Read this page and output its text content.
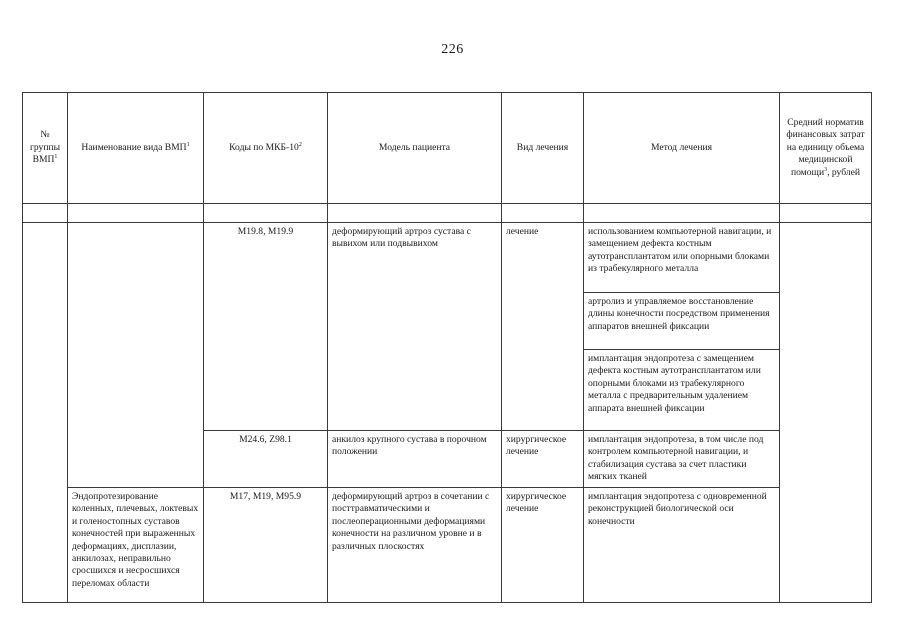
226
№ группы ВМП$^1$	Наименование вида ВМП$^1$	Коды по МКБ-$10^2$	Модель пациента	Вид лечения	Метод лечения	Средний норматив финансовых затрат на единицу объема медицинской помощи$^3$, рублей

		M19.8, M19.9	деформирующий артроз сустава с вывихом или подвывихом	лечение	использованием компьютерной навигации, и замещением дефекта костным аутотрансплантатом или опорными блоками из трабекулярного металла	
					артролиз и управляемое восстановление длины конечности посредством применения аппаратов внешней фиксации	
					имплантация эндопротеза с замещением дефекта костным аутотрансплантатом или опорными блоками из трабекулярного металла с предварительным удалением аппарата внешней фиксации	
		M24.6, Z98.1	анкилоз крупного сустава в порочном положении	хирургическое лечение	имплантация эндопротеза, в том числе под контролем компьютерной навигации, и стабилизация сустава за счет пластики мягких тканей	
	Эндопротезирование коленных, плечевых, локтевых и голеностопных суставов конечностей при выраженных деформациях, дисплазии, анкилозах, неправильно сросшихся и несросшихся переломах области	M17, M19, M95.9	деформирующий артроз в сочетании с посттравматическими и послеоперационными деформациями конечности на различном уровне и в различных плоскостях	хирургическое лечение	имплантация эндопротеза с одновременной реконструкцией биологической оси конечности	
